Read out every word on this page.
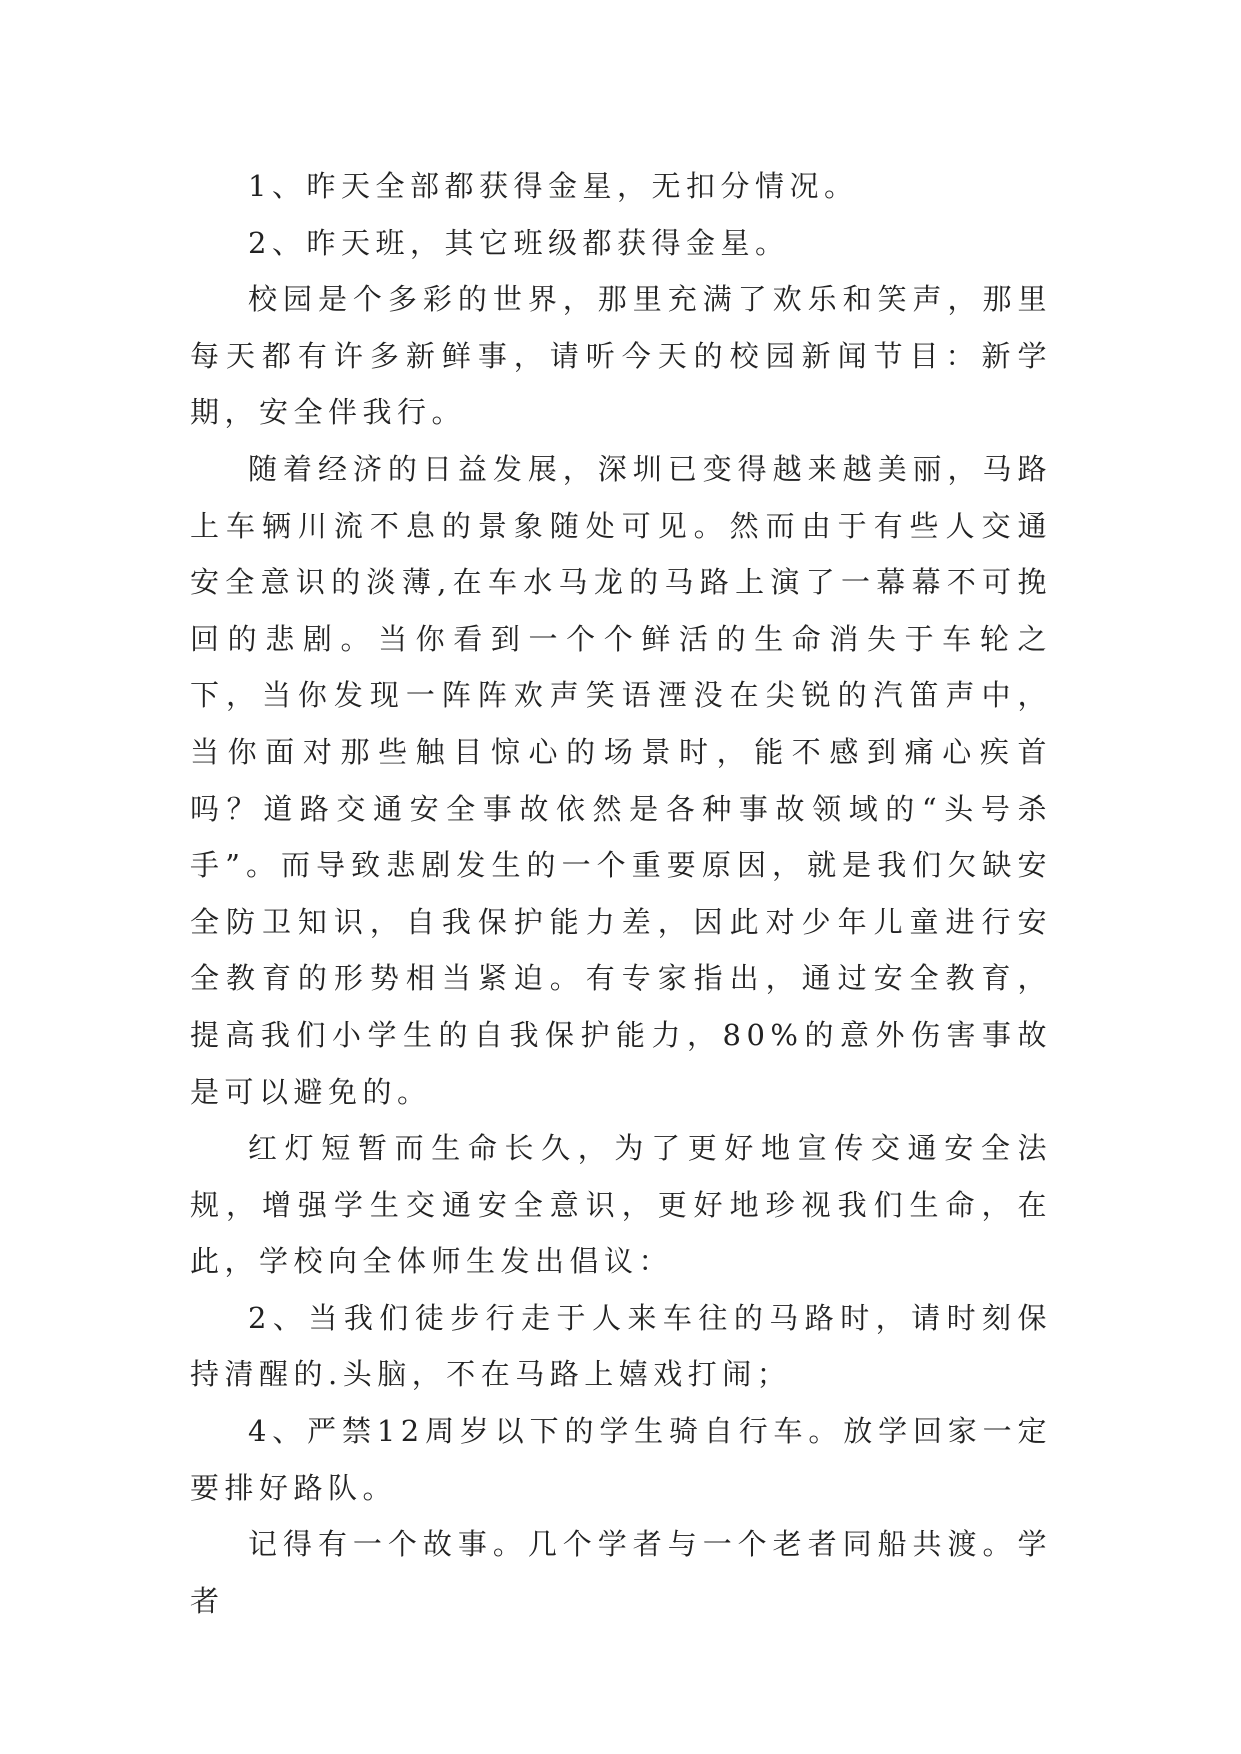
1、昨天全部都获得金星，无扣分情况。

2、昨天班，其它班级都获得金星。

校园是个多彩的世界，那里充满了欢乐和笑声，那里每天都有许多新鲜事，请听今天的校园新闻节目：新学期，安全伴我行。

随着经济的日益发展，深圳已变得越来越美丽，马路上车辆川流不息的景象随处可见。然而由于有些人交通安全意识的淡薄,在车水马龙的马路上演了一幕幕不可挽回的悲剧。当你看到一个个鲜活的生命消失于车轮之下，当你发现一阵阵欢声笑语湮没在尖锐的汽笛声中，当你面对那些触目惊心的场景时，能不感到痛心疾首吗？道路交通安全事故依然是各种事故领域的“头号杀手”。而导致悲剧发生的一个重要原因，就是我们欠缺安全防卫知识，自我保护能力差，因此对少年儿童进行安全教育的形势相当紧迫。有专家指出，通过安全教育，提高我们小学生的自我保护能力，80%的意外伤害事故是可以避免的。

红灯短暂而生命长久，为了更好地宣传交通安全法规，增强学生交通安全意识，更好地珍视我们生命，在此，学校向全体师生发出倡议：

2、当我们徒步行走于人来车往的马路时，请时刻保持清醒的.头脑，不在马路上嬉戏打闹；

4、严禁12周岁以下的学生骑自行车。放学回家一定要排好路队。

记得有一个故事。几个学者与一个老者同船共渡。学者
